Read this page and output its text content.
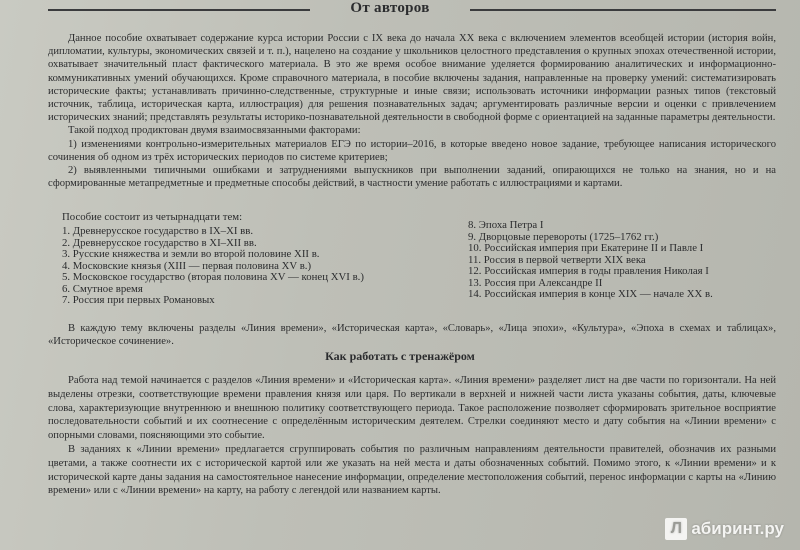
От авторов

Данное пособие охватывает содержание курса истории России с IX века до начала XX века с включением элементов всеобщей истории (история войн, дипломатии, культуры, экономических связей и т. п.), нацелено на создание у школьников целостного представления о крупных эпохах отечественной истории, охватывает значительный пласт фактического материала. В это же время особое внимание уделяется формированию аналитических и информационно-коммуникативных умений обучающихся. Кроме справочного материала, в пособие включены задания, направленные на проверку умений: систематизировать исторические факты; устанавливать причинно-следственные, структурные и иные связи; использовать источники информации разных типов (текстовый источник, таблица, историческая карта, иллюстрация) для решения познавательных задач; аргументировать различные версии и оценки с привлечением исторических знаний; представлять результаты историко-познавательной деятельности в свободной форме с ориентацией на заданные параметры деятельности.

Такой подход продиктован двумя взаимосвязанными факторами:

1) изменениями контрольно-измерительных материалов ЕГЭ по истории–2016, в которые введено новое задание, требующее написания исторического сочинения об одном из трёх исторических периодов по системе критериев;

2) выявленными типичными ошибками и затруднениями выпускников при выполнении заданий, опирающихся не только на знания, но и на сформированные метапредметные и предметные способы действий, в частности умение работать с иллюстрациями и картами.

Пособие состоит из четырнадцати тем:
1. Древнерусское государство в IX–XI вв.
2. Древнерусское государство в XI–XII вв.
3. Русские княжества и земли во второй половине XII в.
4. Московские князья (XIII — первая половина XV в.)
5. Московское государство (вторая половина XV — конец XVI в.)
6. Смутное время
7. Россия при первых Романовых
8. Эпоха Петра I
9. Дворцовые перевороты (1725–1762 гг.)
10. Российская империя при Екатерине II и Павле I
11. Россия в первой четверти XIX века
12. Российская империя в годы правления Николая I
13. Россия при Александре II
14. Российская империя в конце XIX — начале XX в.

В каждую тему включены разделы «Линия времени», «Историческая карта», «Словарь», «Лица эпохи», «Культура», «Эпоха в схемах и таблицах», «Историческое сочинение».

Как работать с тренажёром

Работа над темой начинается с разделов «Линия времени» и «Историческая карта». «Линия времени» разделяет лист на две части по горизонтали. На ней выделены отрезки, соответствующие времени правления князя или царя. По вертикали в верхней и нижней части листа указаны события, даты, ключевые слова, характеризующие внутреннюю и внешнюю политику соответствующего периода. Такое расположение позволяет сформировать зрительное восприятие последовательности событий и их соотнесение с определённым историческим деятелем. Стрелки соединяют место и дату события на «Линии времени» с опорными словами, поясняющими это событие.

В заданиях к «Линии времени» предлагается сгруппировать события по различным направлениям деятельности правителей, обозначив их разными цветами, а также соотнести их с исторической картой или же указать на ней места и даты обозначенных событий. Помимо этого, к «Линии времени» и к исторической карте даны задания на самостоятельное нанесение информации, определение местоположения событий, перенос информации с карты на «Линию времени» или с «Линии времени» на карту, на работу с легендой или названием карты.

Л абиринт.ру
